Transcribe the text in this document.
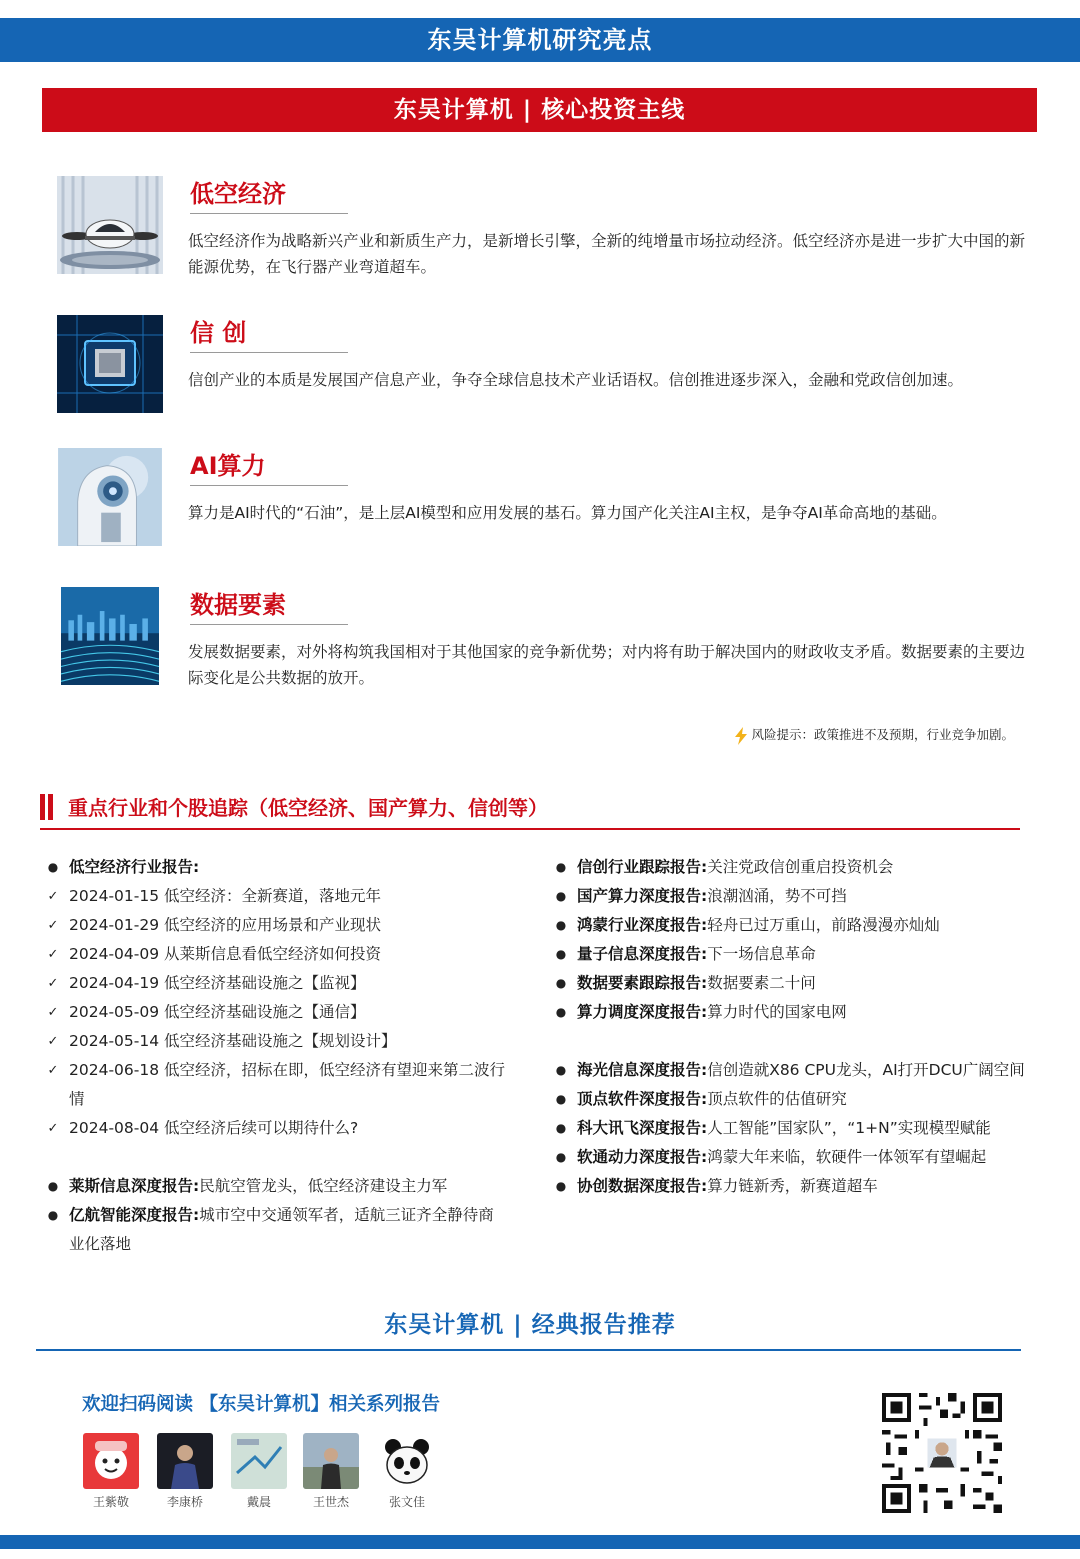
东吴计算机研究亮点
东吴计算机 | 核心投资主线
低空经济
低空经济作为战略新兴产业和新质生产力，是新增长引擎，全新的纯增量市场拉动经济。低空经济亦是进一步扩大中国的新能源优势，在飞行器产业弯道超车。
信 创
信创产业的本质是发展国产信息产业，争夺全球信息技术产业话语权。信创推进逐步深入，金融和党政信创加速。
AI算力
算力是AI时代的“石油”，是上层AI模型和应用发展的基石。算力国产化关注AI主权，是争夺AI革命高地的基础。
数据要素
发展数据要素，对外将构筑我国相对于其他国家的竞争新优势；对内将有助于解决国内的财政收支矛盾。数据要素的主要边际变化是公共数据的放开。
风险提示：政策推进不及预期，行业竞争加剧。
重点行业和个股追踪（低空经济、国产算力、信创等）
● 低空经济行业报告:
✓ 2024-01-15 低空经济：全新赛道，落地元年
✓ 2024-01-29 低空经济的应用场景和产业现状
✓ 2024-04-09 从莱斯信息看低空经济如何投资
✓ 2024-04-19 低空经济基础设施之【监视】
✓ 2024-05-09 低空经济基础设施之【通信】
✓ 2024-05-14 低空经济基础设施之【规划设计】
✓ 2024-06-18 低空经济，招标在即，低空经济有望迎来第二波行情
✓ 2024-08-04 低空经济后续可以期待什么?
● 莱斯信息深度报告:民航空管龙头，低空经济建设主力军
● 亿航智能深度报告:城市空中交通领军者，适航三证齐全静待商业化落地
● 信创行业跟踪报告:关注党政信创重启投资机会
● 国产算力深度报告:浪潮汹涌，势不可挡
● 鸿蒙行业深度报告:轻舟已过万重山，前路漫漫亦灿灿
● 量子信息深度报告:下一场信息革命
● 数据要素跟踪报告:数据要素二十问
● 算力调度深度报告:算力时代的国家电网
● 海光信息深度报告:信创造就X86 CPU龙头，AI打开DCU广阔空间
● 顶点软件深度报告:顶点软件的估值研究
● 科大讯飞深度报告:人工智能”国家队”，“1+N”实现模型赋能
● 软通动力深度报告:鸿蒙大年来临，软硬件一体领军有望崛起
● 协创数据深度报告:算力链新秀，新赛道超车
东吴计算机 | 经典报告推荐
欢迎扫码阅读 【东吴计算机】相关系列报告
王紫敬	李康桥	戴晨	王世杰	张文佳
